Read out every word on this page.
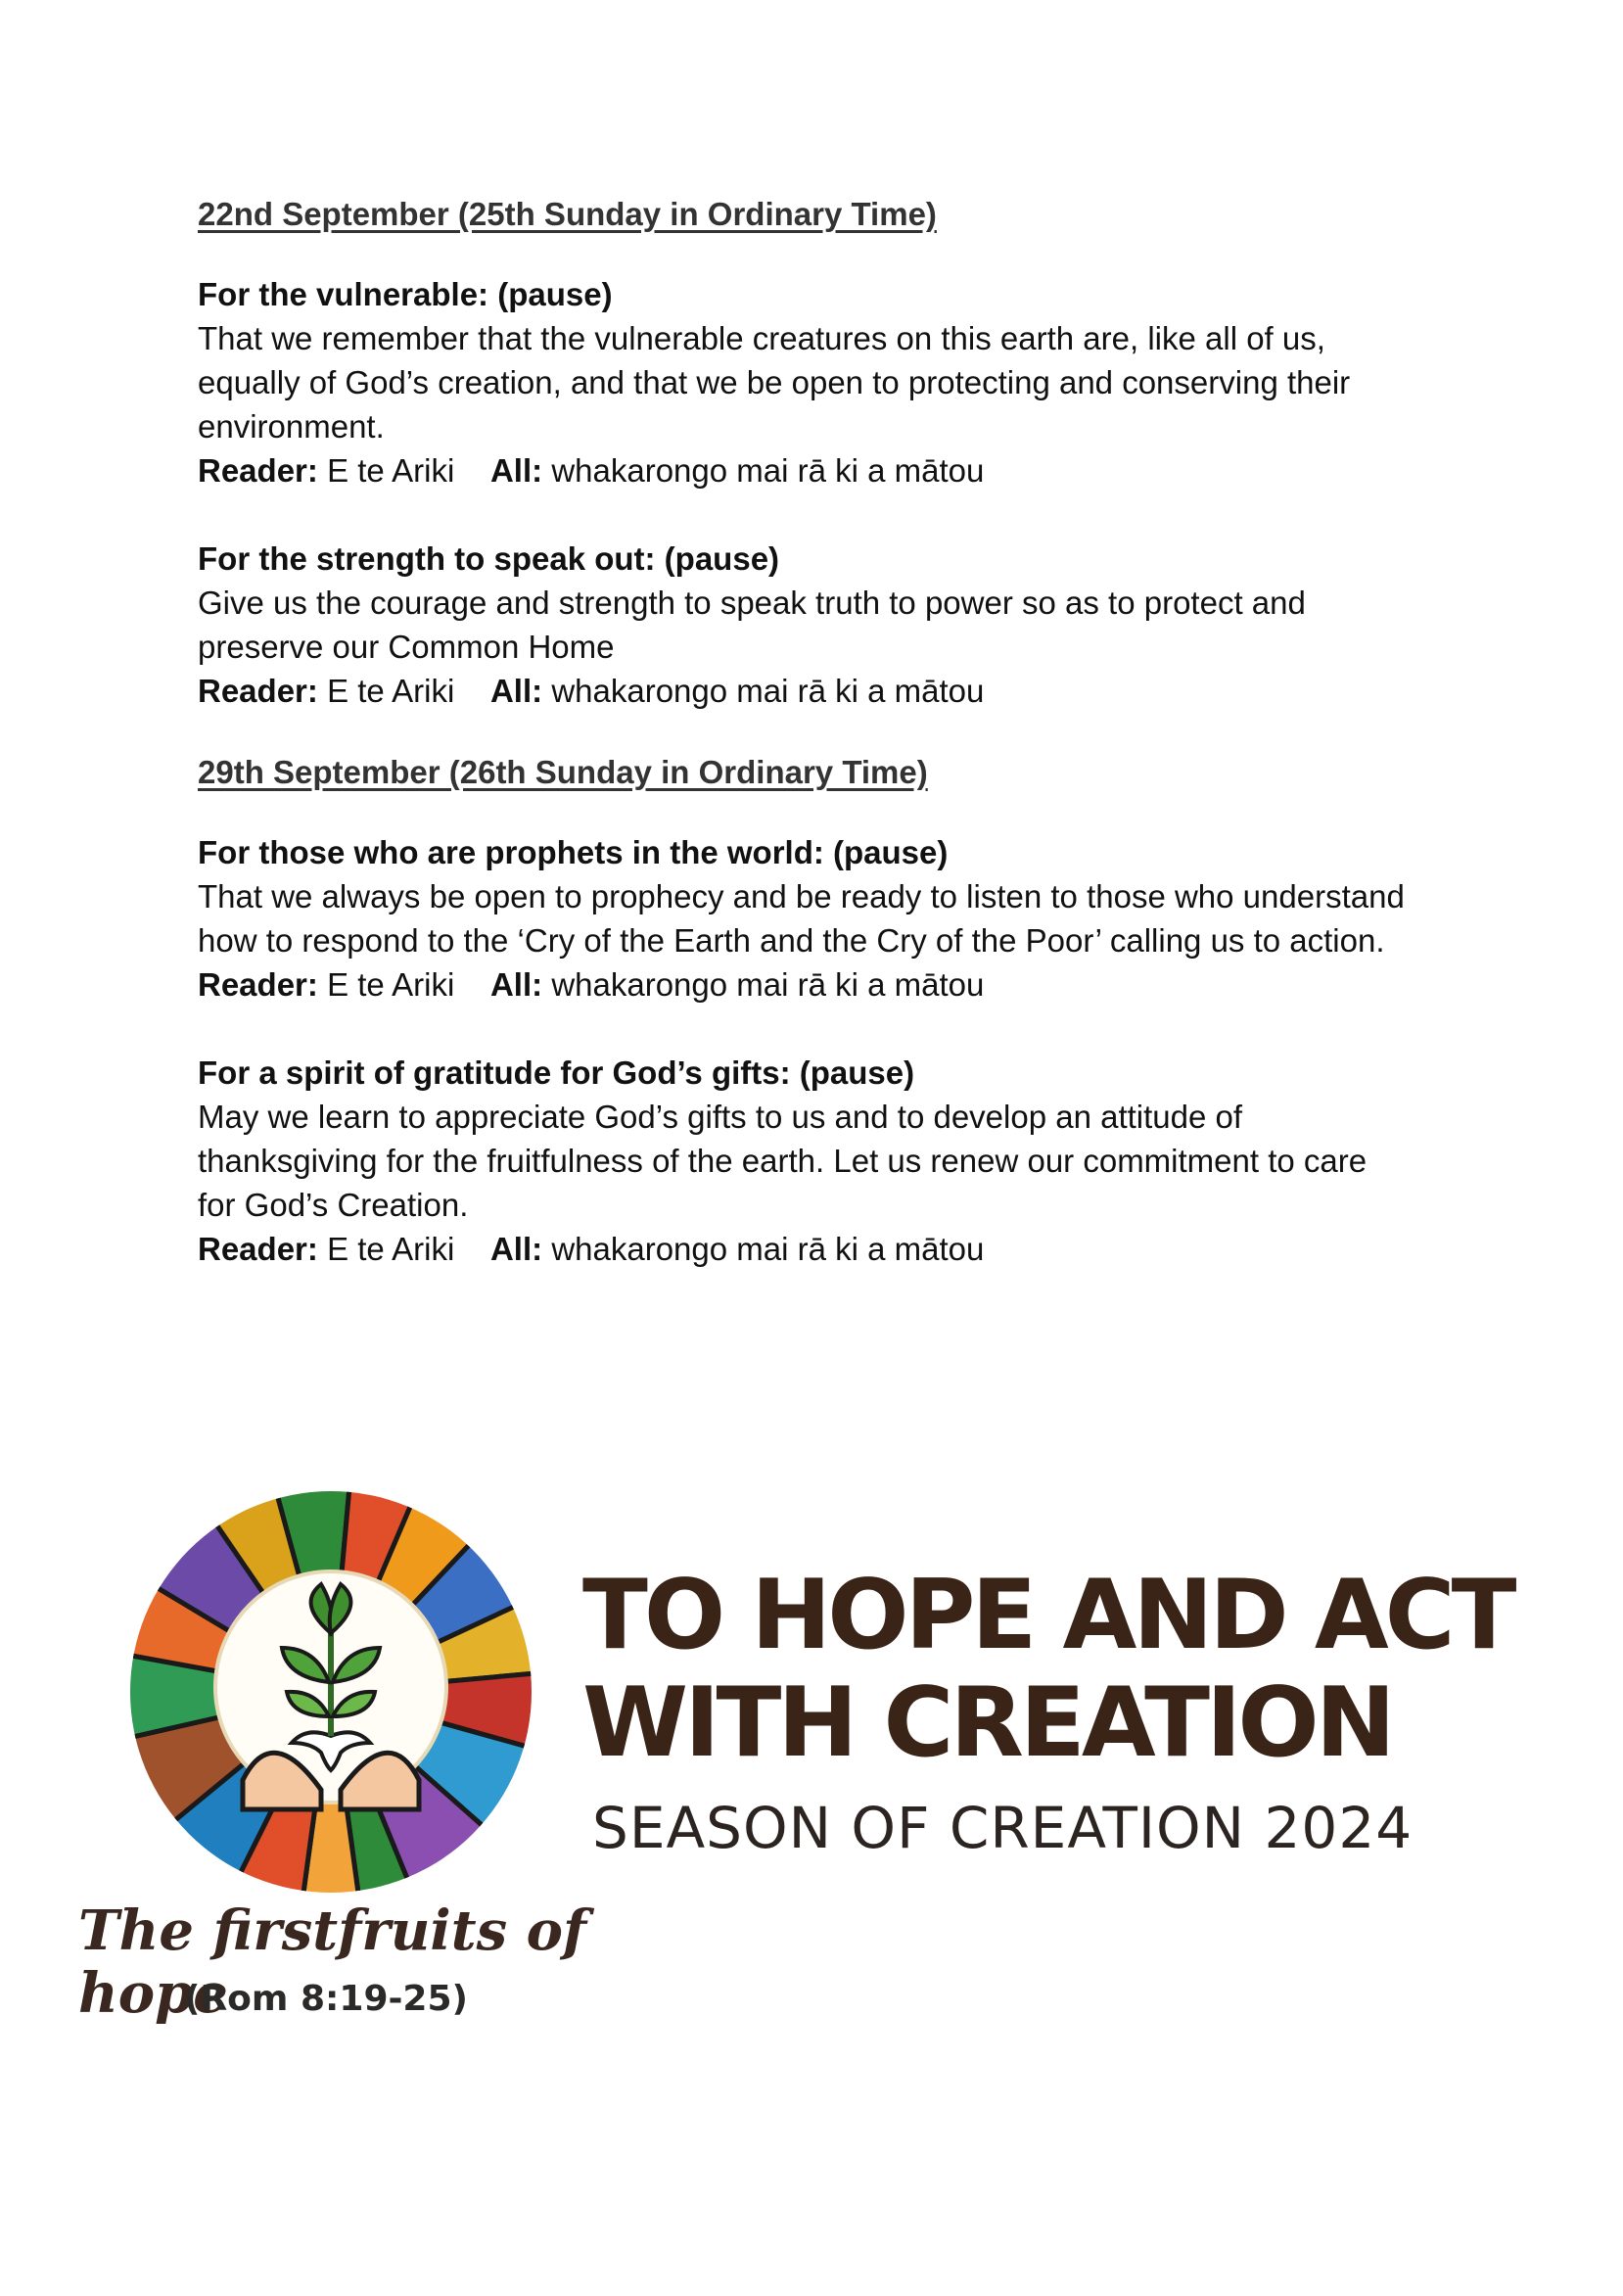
22nd September (25th Sunday in Ordinary Time)

For the vulnerable: (pause)

That we remember that the vulnerable creatures on this earth are, like all of us, equally of God’s creation, and that we be open to protecting and conserving their environment.

Reader: E te Ariki All: whakarongo mai rā ki a mātou

For the strength to speak out: (pause)

Give us the courage and strength to speak truth to power so as to protect and preserve our Common Home

Reader: E te Ariki All: whakarongo mai rā ki a mātou

29th September (26th Sunday in Ordinary Time)

For those who are prophets in the world: (pause)

That we always be open to prophecy and be ready to listen to those who understand how to respond to the ‘Cry of the Earth and the Cry of the Poor’ calling us to action.

Reader: E te Ariki All: whakarongo mai rā ki a mātou

For a spirit of gratitude for God’s gifts: (pause)

May we learn to appreciate God’s gifts to us and to develop an attitude of thanksgiving for the fruitfulness of the earth. Let us renew our commitment to care for God’s Creation.

Reader: E te Ariki All: whakarongo mai rā ki a mātou

TO HOPE AND ACT
WITH CREATION

SEASON OF CREATION 2024

The firstfruits of hope

(Rom 8:19-25)
